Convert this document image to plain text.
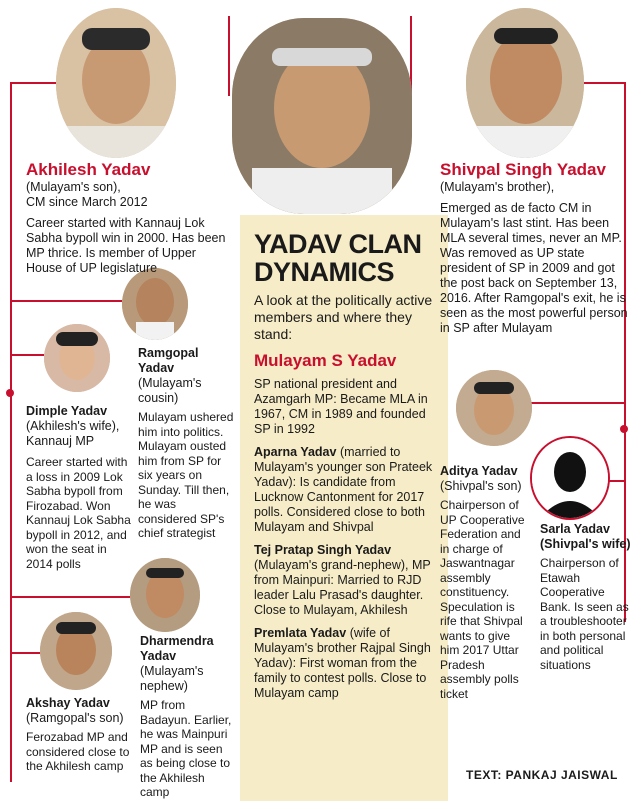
Akhilesh Yadav
(Mulayam's son),
CM since March 2012
Career started with Kannauj Lok Sabha bypoll win in 2000. Has been MP thrice. Is member of Upper House of UP legislature
Ramgopal Yadav
(Mulayam's cousin)
Mulayam ushered him into politics. Mulayam ousted him from SP for six years on Sunday. Till then, he was considered SP's chief strategist
Dimple Yadav
(Akhilesh's wife), Kannauj MP
Career started with a loss in 2009 Lok Sabha bypoll from Firozabad. Won Kannauj Lok Sabha bypoll in 2012, and won the seat in 2014 polls
Dharmendra Yadav
(Mulayam's nephew)
MP from Badayun. Earlier, he was Mainpuri MP and is seen as being close to the Akhilesh camp
Akshay Yadav
(Ramgopal's son)
Ferozabad MP and considered close to the Akhilesh camp
YADAV CLAN DYNAMICS
A look at the politically active members and where they stand:
Mulayam S Yadav
SP national president and Azamgarh MP: Became MLA in 1967, CM in 1989 and founded SP in 1992
Aparna Yadav (married to Mulayam's younger son Prateek Yadav): Is candidate from Lucknow Cantonment for 2017 polls. Considered close to both Mulayam and Shivpal
Tej Pratap Singh Yadav (Mulayam's grand-nephew), MP from Mainpuri: Married to RJD leader Lalu Prasad's daughter. Close to Mulayam, Akhilesh
Premlata Yadav (wife of Mulayam's brother Rajpal Singh Yadav): First woman from the family to contest polls. Close to Mulayam camp
Shivpal Singh Yadav
(Mulayam's brother),
Emerged as de facto CM in Mulayam's last stint. Has been MLA several times, never an MP. Was removed as UP state president of SP in 2009 and got the post back on September 13, 2016. After Ramgopal's exit, he is seen as the most powerful person in SP after Mulayam
Aditya Yadav
(Shivpal's son)
Chairperson of UP Cooperative Federation and in charge of Jaswantnagar assembly constituency. Speculation is rife that Shivpal wants to give him 2017 Uttar Pradesh assembly polls ticket
Sarla Yadav (Shivpal's wife)
Chairperson of Etawah Cooperative Bank. Is seen as a troubleshooter in both personal and political situations
TEXT: PANKAJ JAISWAL
